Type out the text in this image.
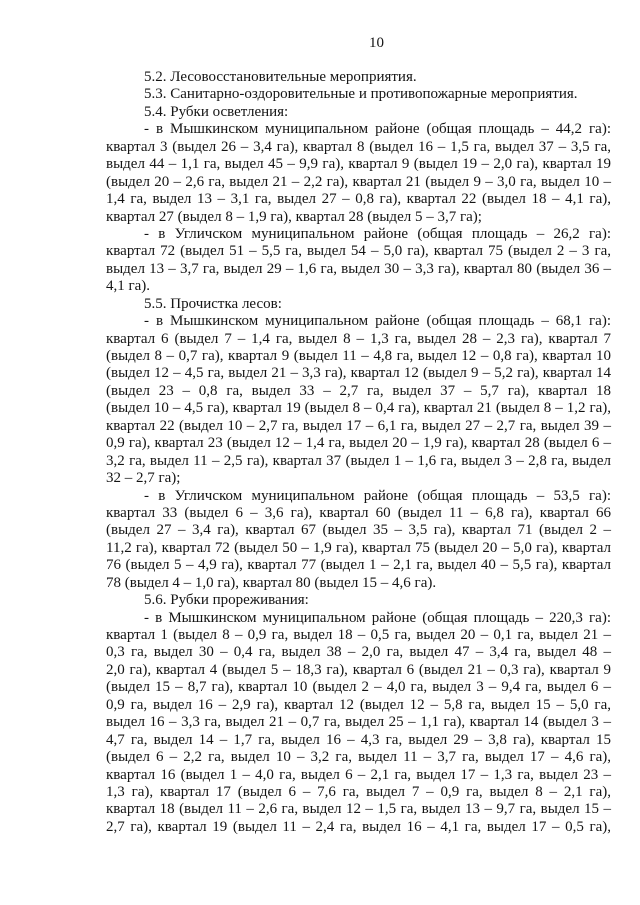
10
5.2. Лесовосстановительные мероприятия.
5.3. Санитарно-оздоровительные и противопожарные мероприятия.
5.4. Рубки осветления:
- в Мышкинском муниципальном районе (общая площадь – 44,2 га):
квартал 3 (выдел 26 – 3,4 га), квартал 8 (выдел 16 – 1,5 га, выдел 37 – 3,5 га,
выдел 44 – 1,1 га, выдел 45 – 9,9 га), квартал 9 (выдел 19 – 2,0 га), квартал 19
(выдел 20 – 2,6 га, выдел 21 – 2,2 га), квартал 21 (выдел 9 – 3,0 га, выдел 10 –
1,4 га, выдел 13 – 3,1 га, выдел 27 – 0,8 га), квартал 22 (выдел 18 – 4,1 га),
квартал 27 (выдел 8 – 1,9 га), квартал 28 (выдел 5 – 3,7 га);
- в Угличском муниципальном районе (общая площадь – 26,2 га):
квартал 72 (выдел 51 – 5,5 га, выдел 54 – 5,0 га), квартал 75 (выдел 2 – 3 га,
выдел 13 – 3,7 га, выдел 29 – 1,6 га, выдел 30 – 3,3 га), квартал 80 (выдел 36 –
4,1 га).
5.5. Прочистка лесов:
- в Мышкинском муниципальном районе (общая площадь – 68,1 га):
квартал 6 (выдел 7 – 1,4 га, выдел 8 – 1,3 га, выдел 28 – 2,3 га), квартал 7
(выдел 8 – 0,7 га), квартал 9 (выдел 11 – 4,8 га, выдел 12 – 0,8 га), квартал 10
(выдел 12 – 4,5 га, выдел 21 – 3,3 га), квартал 12 (выдел 9 – 5,2 га), квартал 14
(выдел 23 – 0,8 га, выдел 33 – 2,7 га, выдел 37 – 5,7 га), квартал 18
(выдел 10 – 4,5 га), квартал 19 (выдел 8 – 0,4 га), квартал 21 (выдел 8 – 1,2 га),
квартал 22 (выдел 10 – 2,7 га, выдел 17 – 6,1 га, выдел 27 – 2,7 га, выдел 39 –
0,9 га), квартал 23 (выдел 12 – 1,4 га, выдел 20 – 1,9 га), квартал 28 (выдел 6 –
3,2 га, выдел 11 – 2,5 га), квартал 37 (выдел 1 – 1,6 га, выдел 3 – 2,8 га, выдел
32 – 2,7 га);
- в Угличском муниципальном районе (общая площадь – 53,5 га):
квартал 33 (выдел 6 – 3,6 га), квартал 60 (выдел 11 – 6,8 га), квартал 66
(выдел 27 – 3,4 га), квартал 67 (выдел 35 – 3,5 га), квартал 71 (выдел 2 –
11,2 га), квартал 72 (выдел 50 – 1,9 га), квартал 75 (выдел 20 – 5,0 га), квартал
76 (выдел 5 – 4,9 га), квартал 77 (выдел 1 – 2,1 га, выдел 40 – 5,5 га), квартал
78 (выдел 4 – 1,0 га), квартал 80 (выдел 15 – 4,6 га).
5.6. Рубки прореживания:
- в Мышкинском муниципальном районе (общая площадь – 220,3 га):
квартал 1 (выдел 8 – 0,9 га, выдел 18 – 0,5 га, выдел 20 – 0,1 га, выдел 21 –
0,3 га, выдел 30 – 0,4 га, выдел 38 – 2,0 га, выдел 47 – 3,4 га, выдел 48 –
2,0 га), квартал 4 (выдел 5 – 18,3 га), квартал 6 (выдел 21 – 0,3 га), квартал 9
(выдел 15 – 8,7 га), квартал 10 (выдел 2 – 4,0 га, выдел 3 – 9,4 га, выдел 6 –
0,9 га, выдел 16 – 2,9 га), квартал 12 (выдел 12 – 5,8 га, выдел 15 – 5,0 га,
выдел 16 – 3,3 га, выдел 21 – 0,7 га, выдел 25 – 1,1 га), квартал 14 (выдел 3 –
4,7 га, выдел 14 – 1,7 га, выдел 16 – 4,3 га, выдел 29 – 3,8 га), квартал 15
(выдел 6 – 2,2 га, выдел 10 – 3,2 га, выдел 11 – 3,7 га, выдел 17 – 4,6 га),
квартал 16 (выдел 1 – 4,0 га, выдел 6 – 2,1 га, выдел 17 – 1,3 га, выдел 23 –
1,3 га), квартал 17 (выдел 6 – 7,6 га, выдел 7 – 0,9 га, выдел 8 – 2,1 га),
квартал 18 (выдел 11 – 2,6 га, выдел 12 – 1,5 га, выдел 13 – 9,7 га, выдел 15 –
2,7 га), квартал 19 (выдел 11 – 2,4 га, выдел 16 – 4,1 га, выдел 17 – 0,5 га),
